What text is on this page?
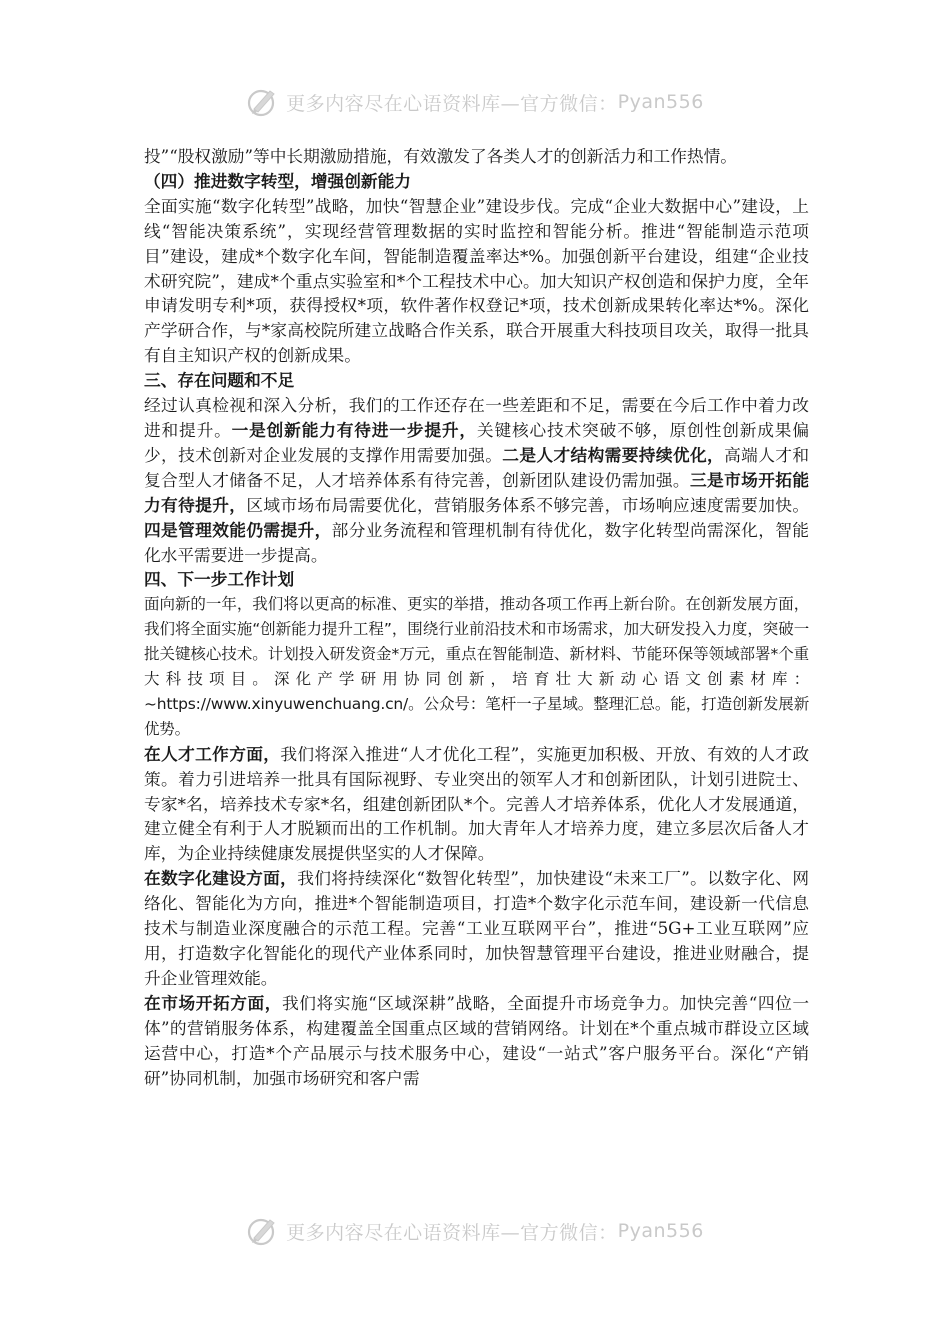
更多内容尽在心语资料库—官方微信： Pyan556

投”“股权激励”等中长期激励措施，有效激发了各类人才的创新活力和工作热情。

（四）推进数字转型，增强创新能力

全面实施“数字化转型”战略，加快“智慧企业”建设步伐。完成“企业大数据中心”建设，上线“智能决策系统”，实现经营管理数据的实时监控和智能分析。推进“智能制造示范项目”建设，建成*个数字化车间，智能制造覆盖率达*%。加强创新平台建设，组建“企业技术研究院”，建成*个重点实验室和*个工程技术中心。加大知识产权创造和保护力度，全年申请发明专利*项，获得授权*项，软件著作权登记*项，技术创新成果转化率达*%。深化产学研合作，与*家高校院所建立战略合作关系，联合开展重大科技项目攻关，取得一批具有自主知识产权的创新成果。

三、存在问题和不足

经过认真检视和深入分析，我们的工作还存在一些差距和不足，需要在今后工作中着力改进和提升。一是创新能力有待进一步提升，关键核心技术突破不够，原创性创新成果偏少，技术创新对企业发展的支撑作用需要加强。二是人才结构需要持续优化，高端人才和复合型人才储备不足，人才培养体系有待完善，创新团队建设仍需加强。三是市场开拓能力有待提升，区域市场布局需要优化，营销服务体系不够完善，市场响应速度需要加快。四是管理效能仍需提升，部分业务流程和管理机制有待优化，数字化转型尚需深化，智能化水平需要进一步提高。

四、下一步工作计划

面向新的一年，我们将以更高的标准、更实的举措，推动各项工作再上新台阶。在创新发展方面，我们将全面实施“创新能力提升工程”，围绕行业前沿技术和市场需求，加大研发投入力度，突破一批关键核心技术。计划投入研发资金*万元，重点在智能制造、新材料、节能环保等领域部署*个重大科技项目。深化产学研用协同创新，培育壮大新动心语文创素材库：~https://www.xinyuwenchuang.cn/。公众号：笔杆一子星域。整理汇总。能，打造创新发展新优势。

在人才工作方面，我们将深入推进“人才优化工程”，实施更加积极、开放、有效的人才政策。着力引进培养一批具有国际视野、专业突出的领军人才和创新团队，计划引进院士、专家*名，培养技术专家*名，组建创新团队*个。完善人才培养体系，优化人才发展通道，建立健全有利于人才脱颖而出的工作机制。加大青年人才培养力度，建立多层次后备人才库，为企业持续健康发展提供坚实的人才保障。

在数字化建设方面，我们将持续深化“数智化转型”，加快建设“未来工厂”。以数字化、网络化、智能化为方向，推进*个智能制造项目，打造*个数字化示范车间，建设新一代信息技术与制造业深度融合的示范工程。完善“工业互联网平台”，推进“5G+工业互联网”应用，打造数字化智能化的现代产业体系同时，加快智慧管理平台建设，推进业财融合，提升企业管理效能。

在市场开拓方面，我们将实施“区域深耕”战略，全面提升市场竞争力。加快完善“四位一体”的营销服务体系，构建覆盖全国重点区域的营销网络。计划在*个重点城市群设立区域运营中心，打造*个产品展示与技术服务中心，建设“一站式”客户服务平台。深化“产销研”协同机制，加强市场研究和客户需

更多内容尽在心语资料库—官方微信： Pyan556
